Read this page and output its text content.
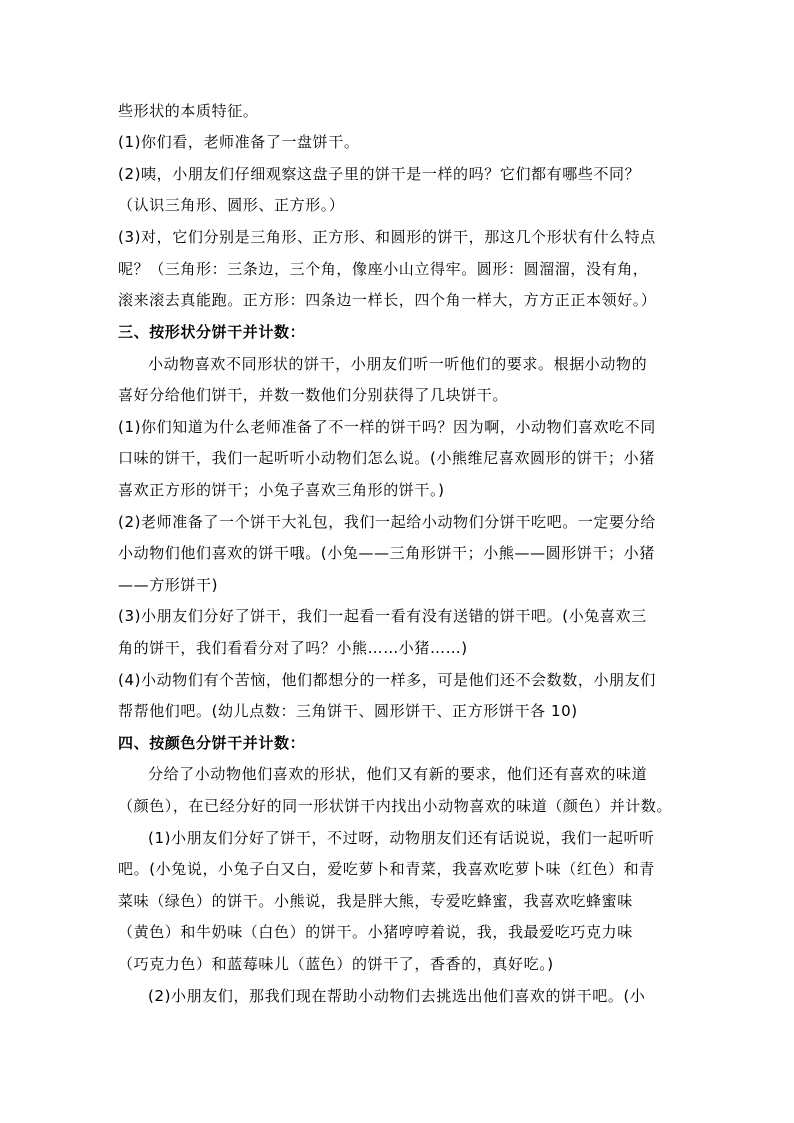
些形状的本质特征。
(1)你们看，老师准备了一盘饼干。
(2)咦，小朋友们仔细观察这盘子里的饼干是一样的吗？它们都有哪些不同？
（认识三角形、圆形、正方形。）
(3)对，它们分别是三角形、正方形、和圆形的饼干，那这几个形状有什么特点
呢？（三角形：三条边，三个角，像座小山立得牢。圆形：圆溜溜，没有角，
滚来滚去真能跑。正方形：四条边一样长，四个角一样大，方方正正本领好。）
三、按形状分饼干并计数：
小动物喜欢不同形状的饼干，小朋友们听一听他们的要求。根据小动物的
喜好分给他们饼干，并数一数他们分别获得了几块饼干。
(1)你们知道为什么老师准备了不一样的饼干吗？因为啊，小动物们喜欢吃不同
口味的饼干，我们一起听听小动物们怎么说。(小熊维尼喜欢圆形的饼干；小猪
喜欢正方形的饼干；小兔子喜欢三角形的饼干。)
(2)老师准备了一个饼干大礼包，我们一起给小动物们分饼干吃吧。一定要分给
小动物们他们喜欢的饼干哦。(小兔——三角形饼干；小熊——圆形饼干；小猪
——方形饼干)
(3)小朋友们分好了饼干，我们一起看一看有没有送错的饼干吧。(小兔喜欢三
角的饼干，我们看看分对了吗？小熊……小猪……)
(4)小动物们有个苦恼，他们都想分的一样多，可是他们还不会数数，小朋友们
帮帮他们吧。(幼儿点数：三角饼干、圆形饼干、正方形饼干各 10)
四、按颜色分饼干并计数：
分给了小动物他们喜欢的形状，他们又有新的要求，他们还有喜欢的味道
（颜色），在已经分好的同一形状饼干内找出小动物喜欢的味道（颜色）并计数。
(1)小朋友们分好了饼干，不过呀，动物朋友们还有话说说，我们一起听听
吧。(小兔说，小兔子白又白，爱吃萝卜和青菜，我喜欢吃萝卜味（红色）和青
菜味（绿色）的饼干。小熊说，我是胖大熊，专爱吃蜂蜜，我喜欢吃蜂蜜味
（黄色）和牛奶味（白色）的饼干。小猪哼哼着说，我，我最爱吃巧克力味
（巧克力色）和蓝莓味儿（蓝色）的饼干了，香香的，真好吃。)
(2)小朋友们，那我们现在帮助小动物们去挑选出他们喜欢的饼干吧。(小
